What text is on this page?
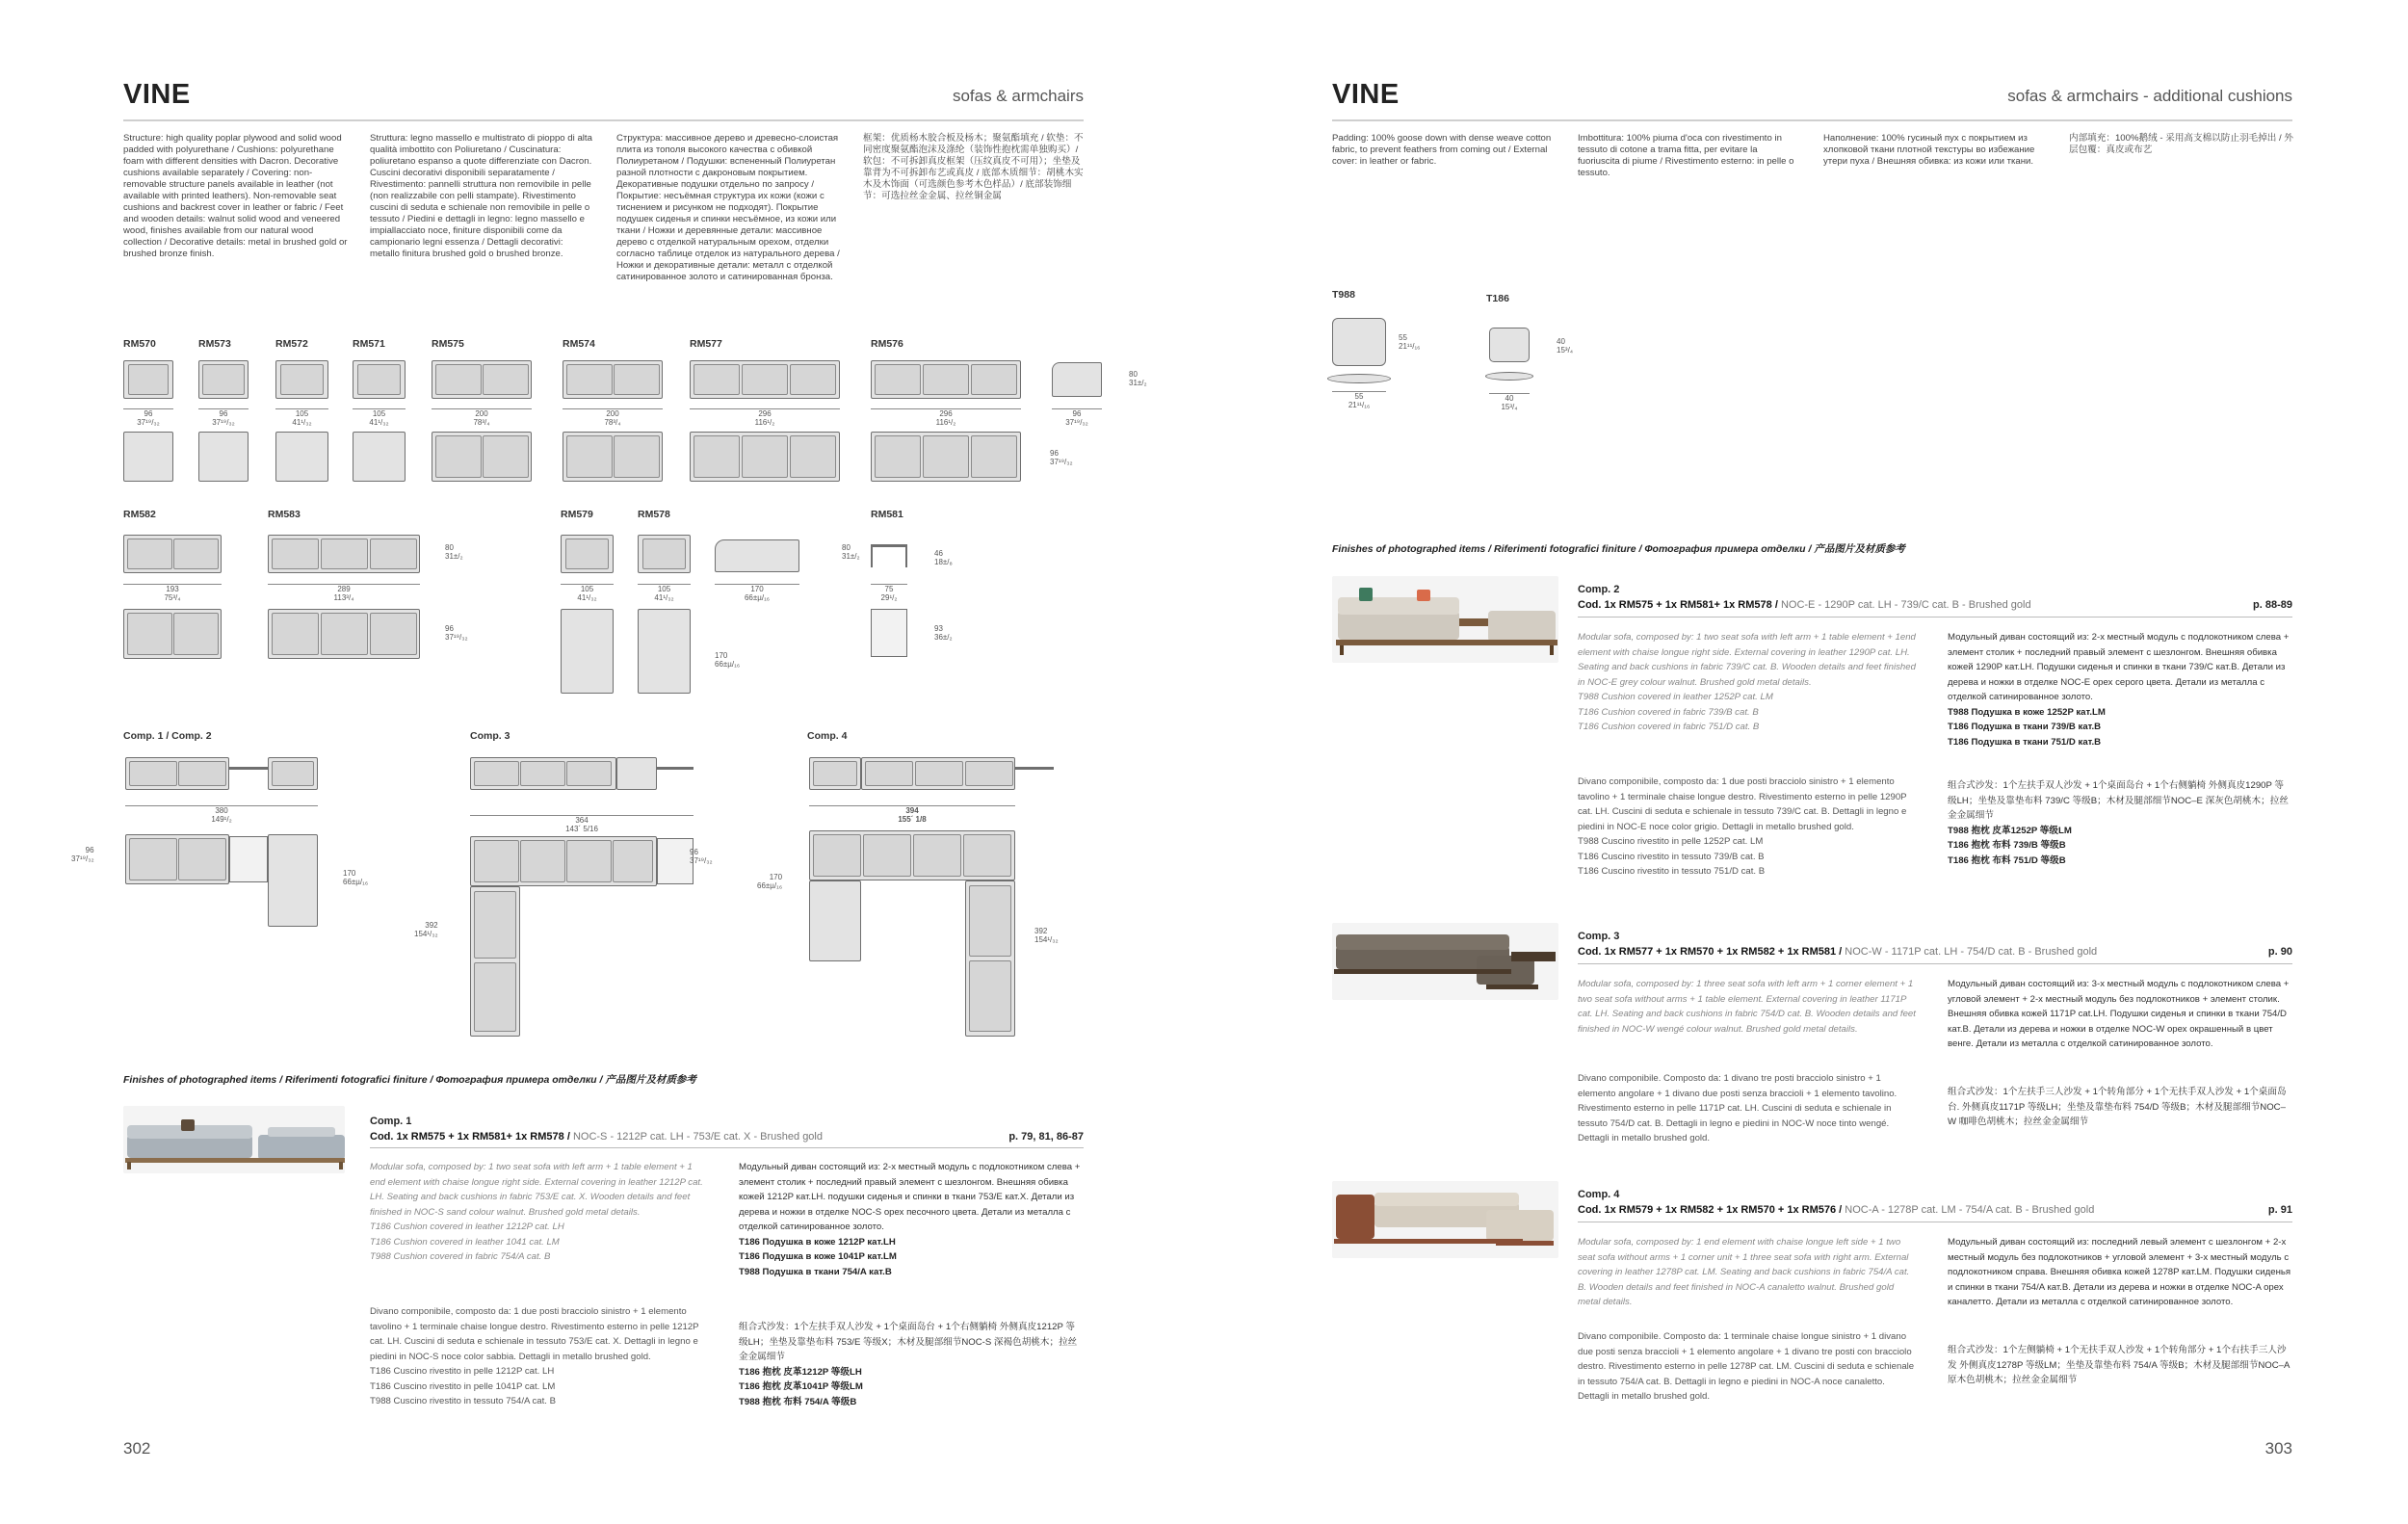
VINE	sofas & armchairs
Structure: high quality poplar plywood and solid wood padded with polyurethane / Cushions: polyurethane foam with different densities with Dacron. Decorative cushions available separately / Covering: non-removable structure panels available in leather (not available with printed leathers). Non-removable seat cushions and backrest cover in leather or fabric / Feet and wooden details: walnut solid wood and veneered wood, finishes available from our natural wood collection / Decorative details: metal in brushed gold or brushed bronze finish.
Struttura: legno massello e multistrato di pioppo di alta qualità imbottito con Poliuretano / Cuscinatura: poliuretano espanso a quote differenziate con Dacron. Cuscini decorativi disponibili separatamente / Rivestimento: pannelli struttura non removibile in pelle (non realizzabile con pelli stampate). Rivestimento cuscini di seduta e schienale non removibile in pelle o tessuto / Piedini e dettagli in legno: legno massello e impiallacciato noce, finiture disponibili come da campionario legni essenza / Dettagli decorativi: metallo finitura brushed gold o brushed bronze.
Структура: массивное дерево и древесно-слоистая плита из тополя высокого качества с обивкой Полиуретаном / Подушки: вспененный Полиуретан разной плотности с дакроновым покрытием. Декоративные подушки отдельно по запросу / Покрытие: несъёмная структура их кожи (кожи с тиснением и рисунком не подходят). Покрытие подушек сиденья и спинки несъёмное, из кожи или ткани / Ножки и деревянные детали: массивное дерево с отделкой натуральным орехом, отделки согласно таблице отделок из натурального дерева / Ножки и декоративные детали: металл с отделкой сатинированное золото и сатинированная бронза.
框架：优质杨木胶合板及杨木；聚氨酯填充 / 软垫：不同密度聚氨酯泡沫及涤纶（装饰性抱枕需单独购买）/ 软包：不可拆卸真皮框架（压纹真皮不可用）；坐垫及靠背为不可拆卸布艺或真皮 / 底部木质细节：胡桃木实木及木饰面（可选颜色参考木色样品）/ 底部装饰细节：可选拉丝金金属、拉丝铜金属
RM570	RM573	RM572	RM571	RM575	RM574	RM577	RM576
96
37¹⁹/₃₂
96
37¹⁹/₃₂
105
41¹/₃₂
105
41¹/₃₂
200
78³/₄
200
78³/₄
296
116¹/₂
296
116¹/₂
96
37¹⁹/₃₂
80
31±/₂
96
37¹⁹/₃₂
RM582	RM583	RM579	RM578	RM581
80
31±/₂
80
31±/₂	46
18±/₈
193
75³/₄
289
113³/₄
105
41¹/₃₂
105
41¹/₃₂
170
66±µ/₁₆
75
29¹/₂
96
37¹⁹/₃₂
170
66±µ/₁₆
93
36±/₂
Comp. 1 / Comp. 2	Comp. 3	Comp. 4
380
149¹/₂
96
37¹⁹/₃₂
170
66±µ/₁₆
364
143´ 5/16
96
37¹⁹/₃₂
392
154¹/₃₂
394
155´ 1/8
170
66±µ/₁₆
392
154¹/₃₂
Finishes of photographed items / Riferimenti fotografici finiture / Фотография примера отделки / 产品图片及材质参考
Comp. 1
Cod. 1x RM575 + 1x RM581+ 1x RM578 / NOC-S - 1212P cat. LH - 753/E cat. X - Brushed gold	p. 79, 81, 86-87
Modular sofa, composed by: 1 two seat sofa with left arm + 1 table element + 1 end element with chaise longue right side. External covering in leather 1212P cat. LH. Seating and back cushions in fabric 753/E cat. X. Wooden details and feet finished in NOC-S sand colour walnut. Brushed gold metal details.
T186 Cushion covered in leather 1212P cat. LH
T186 Cushion covered in leather 1041 cat. LM
T988 Cushion covered in fabric 754/A cat. B
Divano componibile, composto da: 1 due posti bracciolo sinistro + 1 elemento tavolino + 1 terminale chaise longue destro. Rivestimento esterno in pelle 1212P cat. LH. Cuscini di seduta e schienale in tessuto 753/E cat. X. Dettagli in legno e piedini in NOC-S noce color sabbia. Dettagli in metallo brushed gold.
T186 Cuscino rivestito in pelle 1212P cat. LH
T186 Cuscino rivestito in pelle 1041P cat. LM
T988 Cuscino rivestito in tessuto 754/A cat. B
Модульный диван состоящий из: 2-х местный модуль с подлокотником слева + элемент столик + последний правый элемент с шезлонгом. Внешняя обивка кожей 1212P кат.LH. подушки сиденья и спинки в ткани 753/E кат.X. Детали из дерева и ножки в отделке NOC-S орех песочного цвета. Детали из металла с отделкой сатинированное золото.
T186 Подушка в коже 1212P кат.LH
T186 Подушка в коже 1041P кат.LM
T988 Подушка в ткани 754/A кат.B
组合式沙发：1个左扶手双人沙发 + 1个桌面岛台 + 1个右侧躺椅 外侧真皮1212P 等级LH；坐垫及靠垫布料 753/E 等级X；木材及腿部细节NOC-S 深褐色胡桃木；拉丝金金属细节
T186 抱枕 皮革1212P 等级LH
T186 抱枕 皮革1041P 等级LM
T988 抱枕 布料 754/A 等级B
302
VINE	sofas & armchairs - additional cushions
Padding: 100% goose down with dense weave cotton fabric, to prevent feathers from coming out / External cover: in leather or fabric.
Imbottitura: 100% piuma d'oca con rivestimento in tessuto di cotone a trama fitta, per evitare la fuoriuscita di piume / Rivestimento esterno: in pelle o tessuto.
Наполнение: 100% гусиный пух с покрытием из хлопковой ткани плотной текстуры во избежание утери пуха / Внешняя обивка: из кожи или ткани.
内部填充：100%鹅绒 - 采用高支棉以防止羽毛掉出 / 外层包覆：真皮或布艺
T988
55
21¹¹/₁₆
55
21¹¹/₁₆
T186
40
15³/₄
40
15³/₄
Finishes of photographed items / Riferimenti fotografici finiture / Фотография примера отделки / 产品图片及材质参考
Comp. 2
Cod. 1x RM575 + 1x RM581+ 1x RM578 / NOC-E - 1290P cat. LH - 739/C cat. B - Brushed gold	p. 88-89
Modular sofa, composed by: 1 two seat sofa with left arm + 1 table element + 1end element with chaise longue right side. External covering in leather 1290P cat. LH. Seating and back cushions in fabric 739/C cat. B. Wooden details and feet finished in NOC-E grey colour walnut. Brushed gold metal details.
T988 Cushion covered in leather 1252P cat. LM
T186 Cushion covered in fabric 739/B cat. B
T186 Cushion covered in fabric 751/D cat. B
Divano componibile, composto da: 1 due posti bracciolo sinistro + 1 elemento tavolino + 1 terminale chaise longue destro. Rivestimento esterno in pelle 1290P cat. LH. Cuscini di seduta e schienale in tessuto 739/C cat. B. Dettagli in legno e piedini in NOC-E noce color grigio. Dettagli in metallo brushed gold.
T988 Cuscino rivestito in pelle 1252P cat. LM
T186 Cuscino rivestito in tessuto 739/B cat. B
T186 Cuscino rivestito in tessuto 751/D cat. B
Модульный диван состоящий из: 2-х местный модуль с подлокотником слева + элемент столик + последний правый элемент с шезлонгом. Внешняя обивка кожей 1290P кат.LH. Подушки сиденья и спинки в ткани 739/C кат.B. Детали из дерева и ножки в отделке NOC-E орех серого цвета. Детали из металла с отделкой сатинированное золото.
T988 Подушка в коже 1252P кат.LM
T186 Подушка в ткани 739/B кат.B
T186 Подушка в ткани 751/D кат.B
组合式沙发：1个左扶手双人沙发 + 1个桌面岛台 + 1个右侧躺椅 外侧真皮1290P 等级LH；坐垫及靠垫布料 739/C 等级B；木材及腿部细节NOC–E 深灰色胡桃木；拉丝金金属细节
T988 抱枕 皮革1252P 等级LM
T186 抱枕 布料 739/B 等级B
T186 抱枕 布料 751/D 等级B
Comp. 3
Cod. 1x RM577 + 1x RM570 + 1x RM582 + 1x RM581 / NOC-W - 1171P cat. LH - 754/D cat. B - Brushed gold	p. 90
Modular sofa, composed by: 1 three seat sofa with left arm + 1 corner element + 1 two seat sofa without arms + 1 table element. External covering in leather 1171P cat. LH. Seating and back cushions in fabric 754/D cat. B. Wooden details and feet finished in NOC-W wengé colour walnut. Brushed gold metal details.
Divano componibile. Composto da: 1 divano tre posti bracciolo sinistro + 1 elemento angolare + 1 divano due posti senza braccioli + 1 elemento tavolino. Rivestimento esterno in pelle 1171P cat. LH. Cuscini di seduta e schienale in tessuto 754/D cat. B. Dettagli in legno e piedini in NOC-W noce tinto wengé. Dettagli in metallo brushed gold.
Модульный диван состоящий из: 3-х местный модуль с подлокотником слева + угловой элемент + 2-х местный модуль без подлокотников + элемент столик. Внешняя обивка кожей 1171P cat.LH. Подушки сиденья и спинки в ткани 754/D кат.B. Детали из дерева и ножки в отделке NOC-W орех окрашенный в цвет венге. Детали из металла с отделкой сатинированное золото.
组合式沙发：1个左扶手三人沙发 + 1个转角部分 + 1个无扶手双人沙发 + 1个桌面岛台. 外侧真皮1171P 等级LH；坐垫及靠垫布料 754/D 等级B；木材及腿部细节NOC–W 咖啡色胡桃木；拉丝金金属细节
Comp. 4
Cod. 1x RM579 + 1x RM582 + 1x RM570 + 1x RM576 / NOC-A - 1278P cat. LM - 754/A cat. B - Brushed gold	p. 91
Modular sofa, composed by: 1 end element with chaise longue left side + 1 two seat sofa without arms + 1 corner unit + 1 three seat sofa with right arm. External covering in leather 1278P cat. LM. Seating and back cushions in fabric 754/A cat. B. Wooden details and feet finished in NOC-A canaletto walnut. Brushed gold metal details.
Divano componibile. Composto da: 1 terminale chaise longue sinistro + 1 divano due posti senza braccioli + 1 elemento angolare + 1 divano tre posti con bracciolo destro. Rivestimento esterno in pelle 1278P cat. LM. Cuscini di seduta e schienale in tessuto 754/A cat. B. Dettagli in legno e piedini in NOC-A noce canaletto. Dettagli in metallo brushed gold.
Модульный диван состоящий из: последний левый элемент с шезлонгом + 2-х местный модуль без подлокотников + угловой элемент + 3-х местный модуль с подлокотником справа. Внешняя обивка кожей 1278P кат.LM. Подушки сиденья и спинки в ткани 754/A кат.B. Детали из дерева и ножки в отделке NOC-A орех каналетто. Детали из металла с отделкой сатинированное золото.
组合式沙发：1个左侧躺椅 + 1个无扶手双人沙发 + 1个转角部分 + 1个右扶手三人沙发 外侧真皮1278P 等级LM；坐垫及靠垫布料 754/A 等级B；木材及腿部细节NOC–A 原木色胡桃木；拉丝金金属细节
303
